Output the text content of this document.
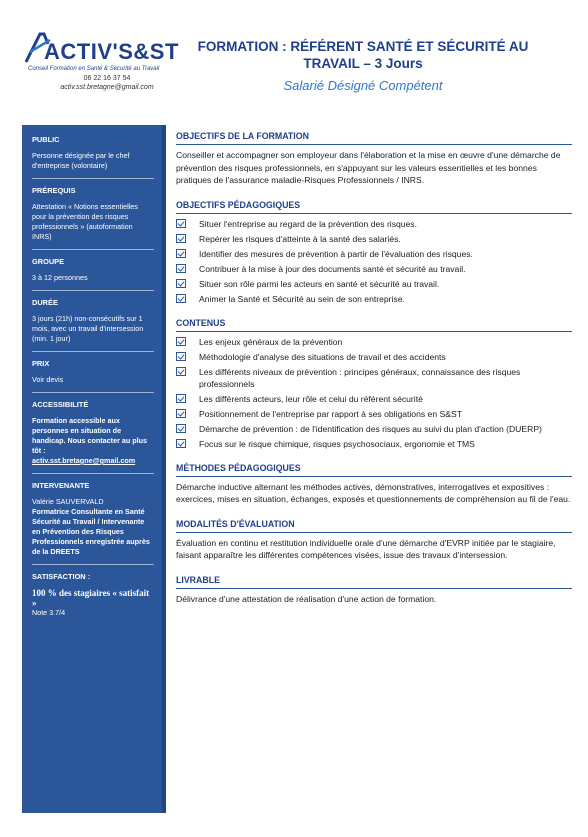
ACTIV'S&ST
Conseil Formation en Santé & Sécurité au Travail
06 22 16 37 54
activ.sst.bretagne@gmail.com
FORMATION : RÉFÉRENT SANTÉ ET SÉCURITÉ AU
TRAVAIL – 3 Jours
Salarié Désigné Compétent
PUBLIC
Personne désignée par le chef d'entreprise (volontaire)
PRÉREQUIS
Attestation « Notions essentielles pour la prévention des risques professionnels » (autoformation INRS)
GROUPE
3 à 12 personnes
DURÉE
3 jours (21h) non-consécutifs sur 1 mois, avec un travail d'intersession (min. 1 jour)
PRIX
Voir devis
ACCESSIBILITÉ
Formation accessible aux personnes en situation de handicap. Nous contacter au plus tôt :
activ.sst.bretagne@gmail.com
INTERVENANTE
Valérie SAUVERVALD
Formatrice Consultante en Santé Sécurité au Travail / Intervenante en Prévention des Risques Professionnels enregistrée auprès de la DREETS
SATISFACTION :
100 % des stagiaires « satisfait »
Note 3.7/4
OBJECTIFS DE LA FORMATION
Conseiller et accompagner son employeur dans l'élaboration et la mise en œuvre d'une démarche de prévention des risques professionnels, en s'appuyant sur les valeurs essentielles et les bonnes pratiques de l'assurance maladie-Risques Professionnels / INRS.
OBJECTIFS PÉDAGOGIQUES
Situer l'entreprise au regard de la prévention des risques.
Repérer les risques d'atteinte à la santé des salariés.
Identifier des mesures de prévention à partir de l'évaluation des risques.
Contribuer à la mise à jour des documents santé et sécurité au travail.
Situer son rôle parmi les acteurs en santé et sécurité au travail.
Animer la Santé et Sécurité au sein de son entreprise.
CONTENUS
Les enjeux généraux de la prévention
Méthodologie d'analyse des situations de travail et des accidents
Les différents niveaux de prévention : principes généraux, connaissance des risques professionnels
Les différents acteurs, leur rôle et celui du référent sécurité
Positionnement de l'entreprise par rapport à ses obligations en S&ST
Démarche de prévention : de l'identification des risques au suivi du plan d'action (DUERP)
Focus sur le risque chimique, risques psychosociaux, ergonomie et TMS
MÉTHODES PÉDAGOGIQUES
Démarche inductive alternant les méthodes actives, démonstratives, interrogatives et expositives : exercices, mises en situation, échanges, exposés et questionnements de compréhension au fil de l'eau.
MODALITÉS D'ÉVALUATION
Évaluation en continu et restitution individuelle orale d'une démarche d'EVRP initiée par le stagiaire, faisant apparaître les différentes compétences visées, issue des travaux d'intersession.
LIVRABLE
Délivrance d'une attestation de réalisation d'une action de formation.
